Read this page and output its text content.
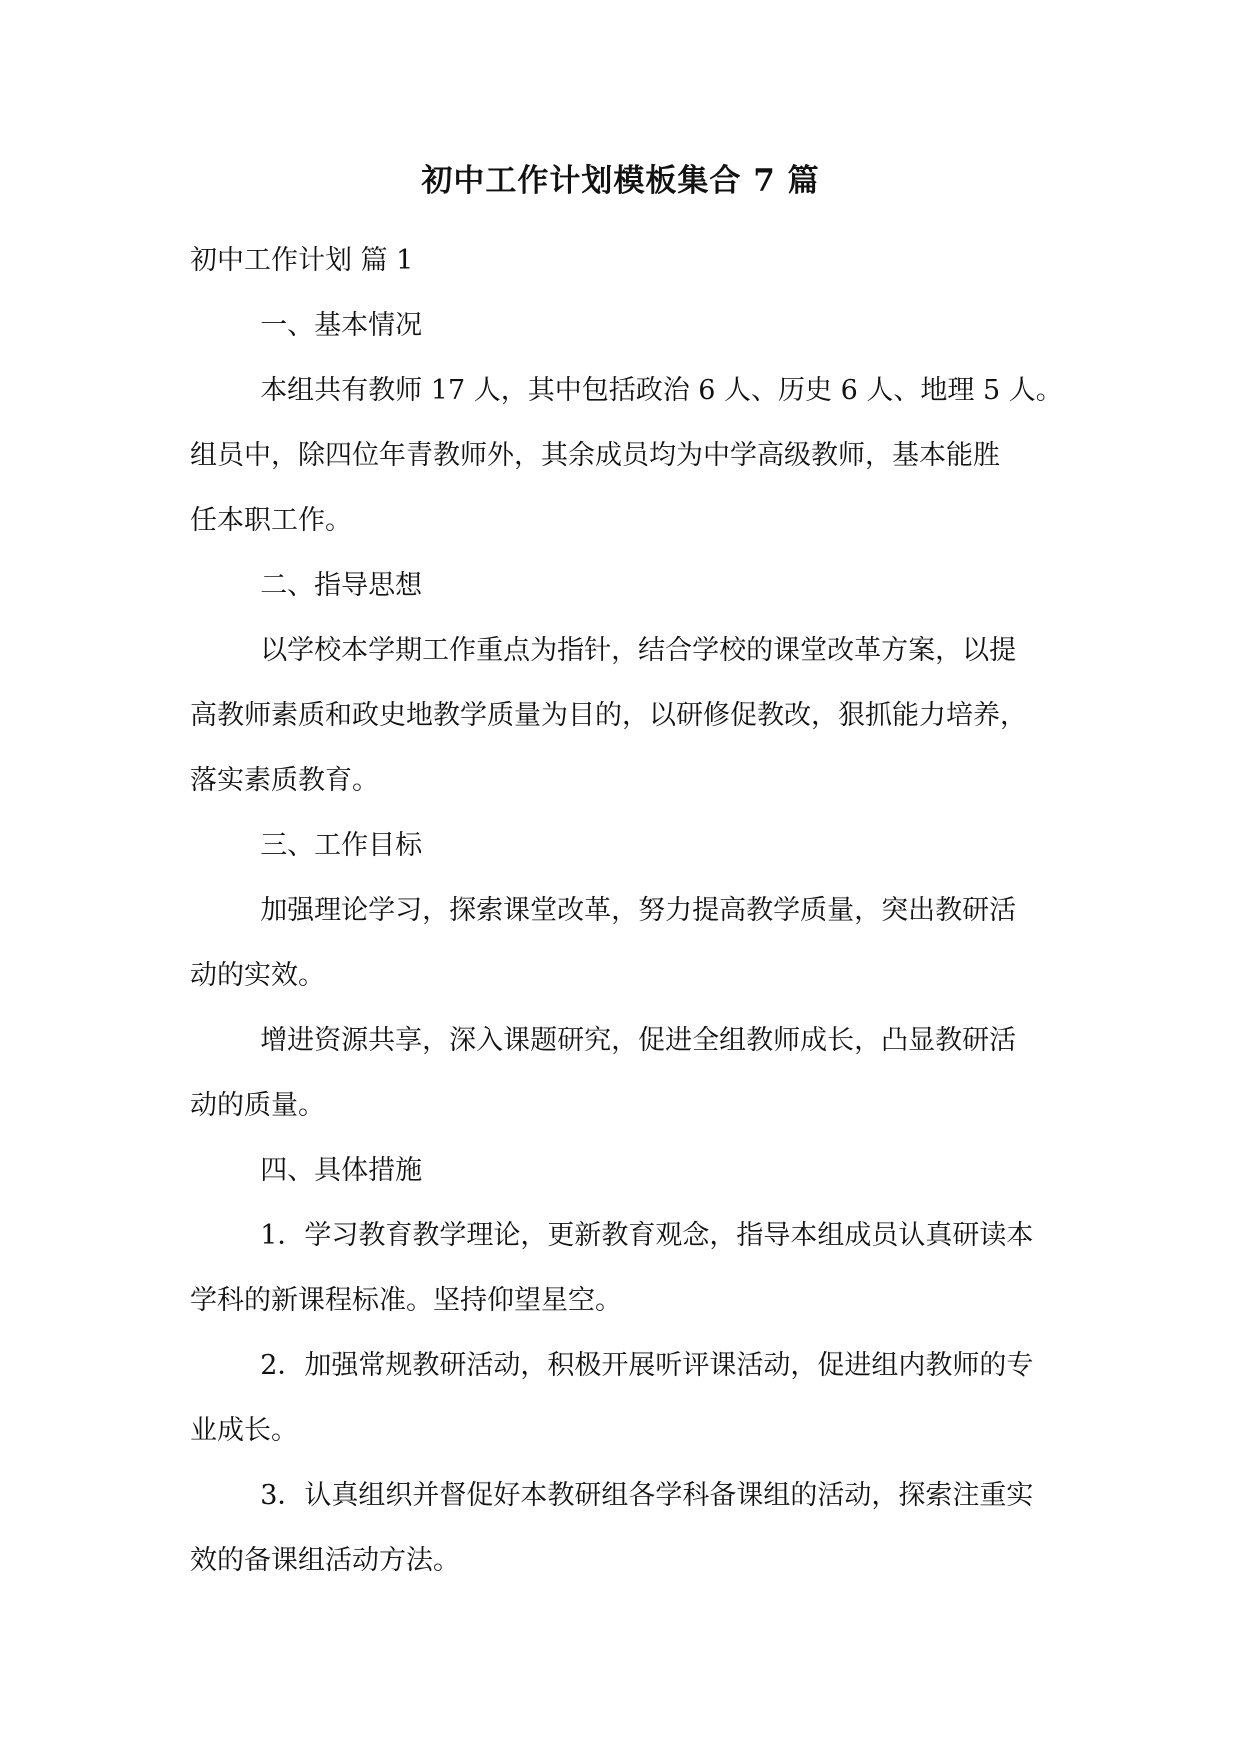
初中工作计划模板集合 7 篇

初中工作计划 篇 1

一、基本情况

本组共有教师 17 人，其中包括政治 6 人、历史 6 人、地理 5 人。
组员中，除四位年青教师外，其余成员均为中学高级教师，基本能胜
任本职工作。

二、指导思想

以学校本学期工作重点为指针，结合学校的课堂改革方案，以提
高教师素质和政史地教学质量为目的，以研修促教改，狠抓能力培养，
落实素质教育。

三、工作目标

加强理论学习，探索课堂改革，努力提高教学质量，突出教研活
动的实效。

增进资源共享，深入课题研究，促进全组教师成长，凸显教研活
动的质量。

四、具体措施

1．学习教育教学理论，更新教育观念，指导本组成员认真研读本
学科的新课程标准。坚持仰望星空。

2．加强常规教研活动，积极开展听评课活动，促进组内教师的专
业成长。

3．认真组织并督促好本教研组各学科备课组的活动，探索注重实
效的备课组活动方法。
